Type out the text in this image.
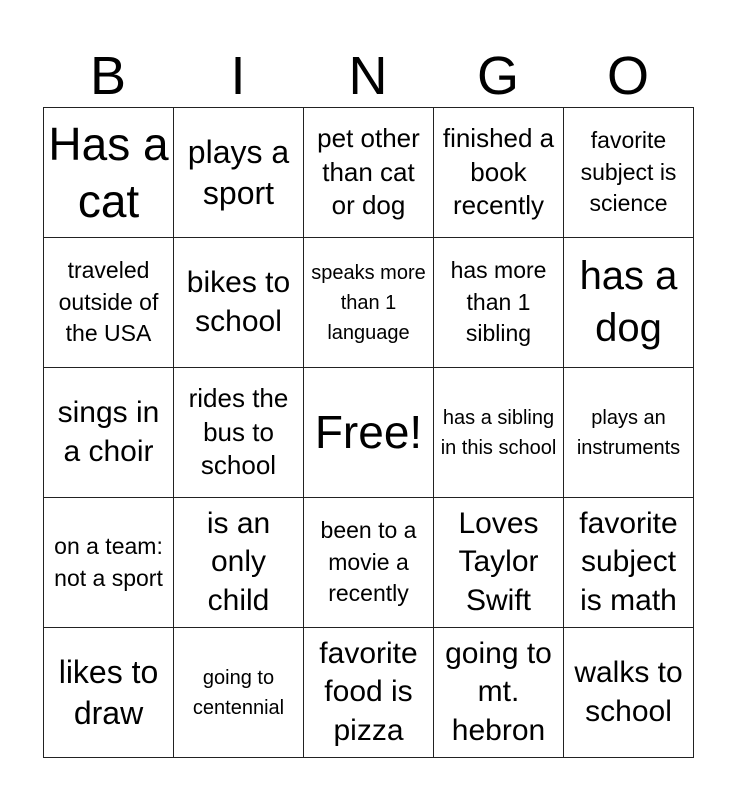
B	I	N	G	O
Has a cat	plays a sport	pet other than cat or dog	finished a book recently	favorite subject is science
traveled outside of the USA	bikes to school	speaks more than 1 language	has more than 1 sibling	has a dog
sings in a choir	rides the bus to school	Free!	has a sibling in this school	plays an instruments
on a team: not a sport	is an only child	been to a movie a recently	Loves Taylor Swift	favorite subject is math
likes to draw	going to centennial	favorite food is pizza	going to mt. hebron	walks to school
